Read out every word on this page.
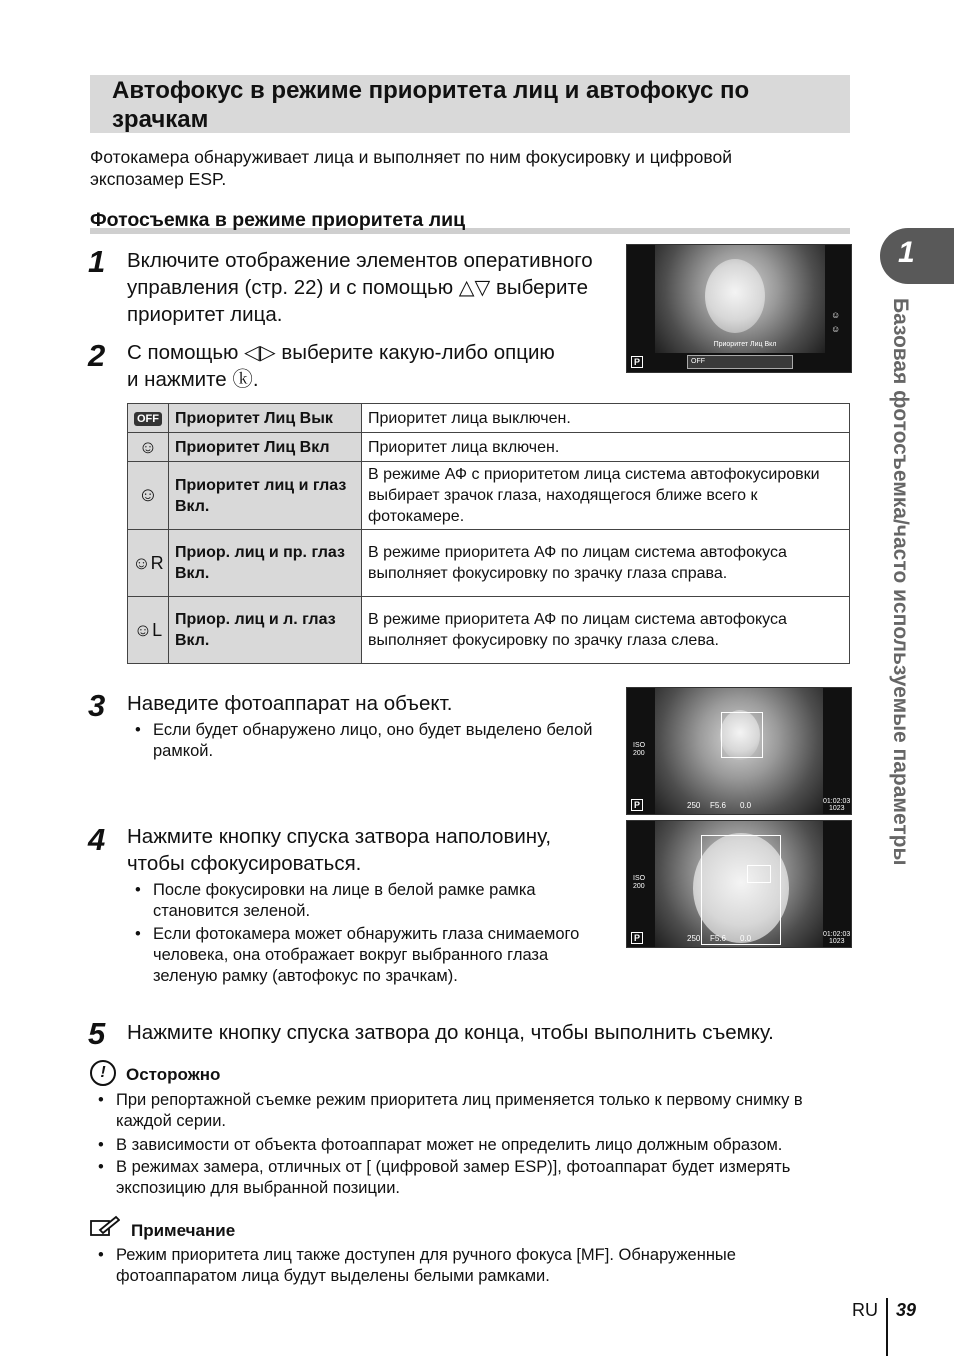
Автофокус в режиме приоритета лиц и автофокус по зрачкам
Фотокамера обнаруживает лица и выполняет по ним фокусировку и цифровой экспозамер ESP.
Фотосъемка в режиме приоритета лиц
1 Включите отображение элементов оперативного управления (стр. 22) и с помощью △▽ выберите приоритет лица.
2 С помощью ◁▷ выберите какую-либо опцию и нажмите ⓚ.
Приоритет Лиц Вкл
OFF
P
☺
☺
OFF	Приоритет Лиц Вык	Приоритет лица выключен.
☺	Приоритет Лиц Вкл	Приоритет лица включен.
☺	Приоритет лиц и глаз Вкл.	В режиме АФ с приоритетом лица система автофокусировки выбирает зрачок глаза, находящегося ближе всего к фотокамере.
☺R	Приор. лиц и пр. глаз Вкл.	В режиме приоритета АФ по лицам система автофокуса выполняет фокусировку по зрачку глаза справа.
☺L	Приор. лиц и л. глаз Вкл.	В режиме приоритета АФ по лицам система автофокуса выполняет фокусировку по зрачку глаза слева.
3 Наведите фотоаппарат на объект.
• Если будет обнаружено лицо, оно будет выделено белой рамкой.	ISO
200
P	250 F5.6 0.0	01:02:03
1023
4 Нажмите кнопку спуска затвора наполовину, чтобы сфокусироваться.
• После фокусировки на лице в белой рамке рамка становится зеленой.
• Если фотокамера может обнаружить глаза снимаемого человека, она отображает вокруг выбранного глаза зеленую рамку (автофокус по зрачкам).
ISO
200
P	250 F5.6 0.0	01:02:03
1023
5 Нажмите кнопку спуска затвора до конца, чтобы выполнить съемку.
!	Осторожно
• При репортажной съемке режим приоритета лиц применяется только к первому снимку в каждой серии.
• В зависимости от объекта фотоаппарат может не определить лицо должным образом.
• В режимах замера, отличных от [ (цифровой замер ESP)], фотоаппарат будет измерять экспозицию для выбранной позиции.
Примечание
• Режим приоритета лиц также доступен для ручного фокуса [MF]. Обнаруженные фотоаппаратом лица будут выделены белыми рамками.
1
Базовая фотосъемка/часто используемые параметры
RU 39
